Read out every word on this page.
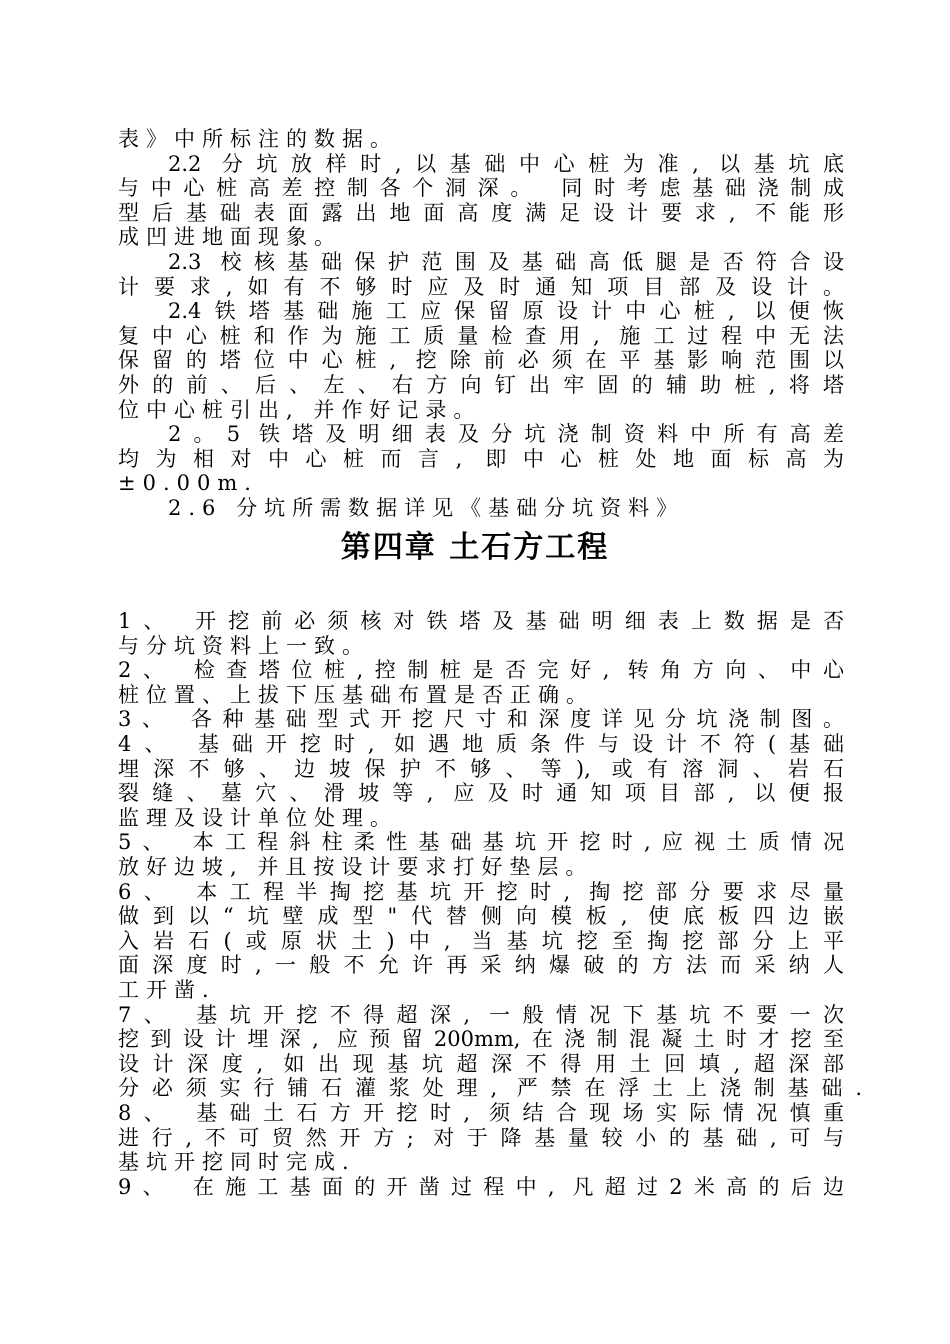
表》中所标注的数据。
2.2 分坑放样时,以基础中心桩为准, 以基坑底
与中心桩高差控制各个洞深。 同时考虑基础浇制成
型后基础表面露出地面高度满足设计要求, 不能形
成凹进地面现象。
2.3 校核基础保护范围及基础高低腿是否符合设
计要求,如有不够时应及时通知项目部及设计。
2.4铁塔基础施工应保留原设计中心桩, 以便恢
复中心桩和作为施工质量检查用, 施工过程中无法
保留的塔位中心桩, 挖除前必须在平基影响范围以
外的前、后、左、右方向钉出牢固的辅助桩,将塔
位中心桩引出, 并作好记录。
2。5 铁塔及明细表及分坑浇制资料中所有高差
均为相对中心桩而言, 即中心桩处地面标高为
±0.00m.
2.6 分坑所需数据详见《基础分坑资料》
第四章 土石方工程
1、 开挖前必须核对铁塔及基础明细表上数据是否
与分坑资料上一致。
2、 检查塔位桩,控制桩是否完好, 转角方向、中心
桩位置、上拔下压基础布置是否正确。
3、 各种基础型式开挖尺寸和深度详见分坑浇制图。
4、 基础开挖时, 如遇地质条件与设计不符(基础
埋深不够、边坡保护不够、等), 或有溶洞、岩石
裂缝、墓穴、滑坡等, 应及时通知项目部, 以便报
监理及设计单位处理。
5、 本工程斜柱柔性基础基坑开挖时,应视土质情况
放好边坡, 并且按设计要求打好垫层。
6、 本工程半掏挖基坑开挖时, 掏挖部分要求尽量
做到以“坑壁成型"代替侧向模板, 使底板四边嵌
入岩石(或原状土)中, 当基坑挖至掏挖部分上平
面深度时,一般不允许再采纳爆破的方法而采纳人
工开凿.
7、 基坑开挖不得超深, 一般情况下基坑不要一次
挖到设计埋深, 应预留200mm,在浇制混凝土时才挖至
设计深度, 如出现基坑超深不得用土回填,超深部
分必须实行铺石灌浆处理, 严禁在浮土上浇制基础.
8、 基础土石方开挖时, 须结合现场实际情况慎重
进行,不可贸然开方; 对于降基量较小的基础,可与
基坑开挖同时完成.
9、 在施工基面的开凿过程中, 凡超过2米高的后边
